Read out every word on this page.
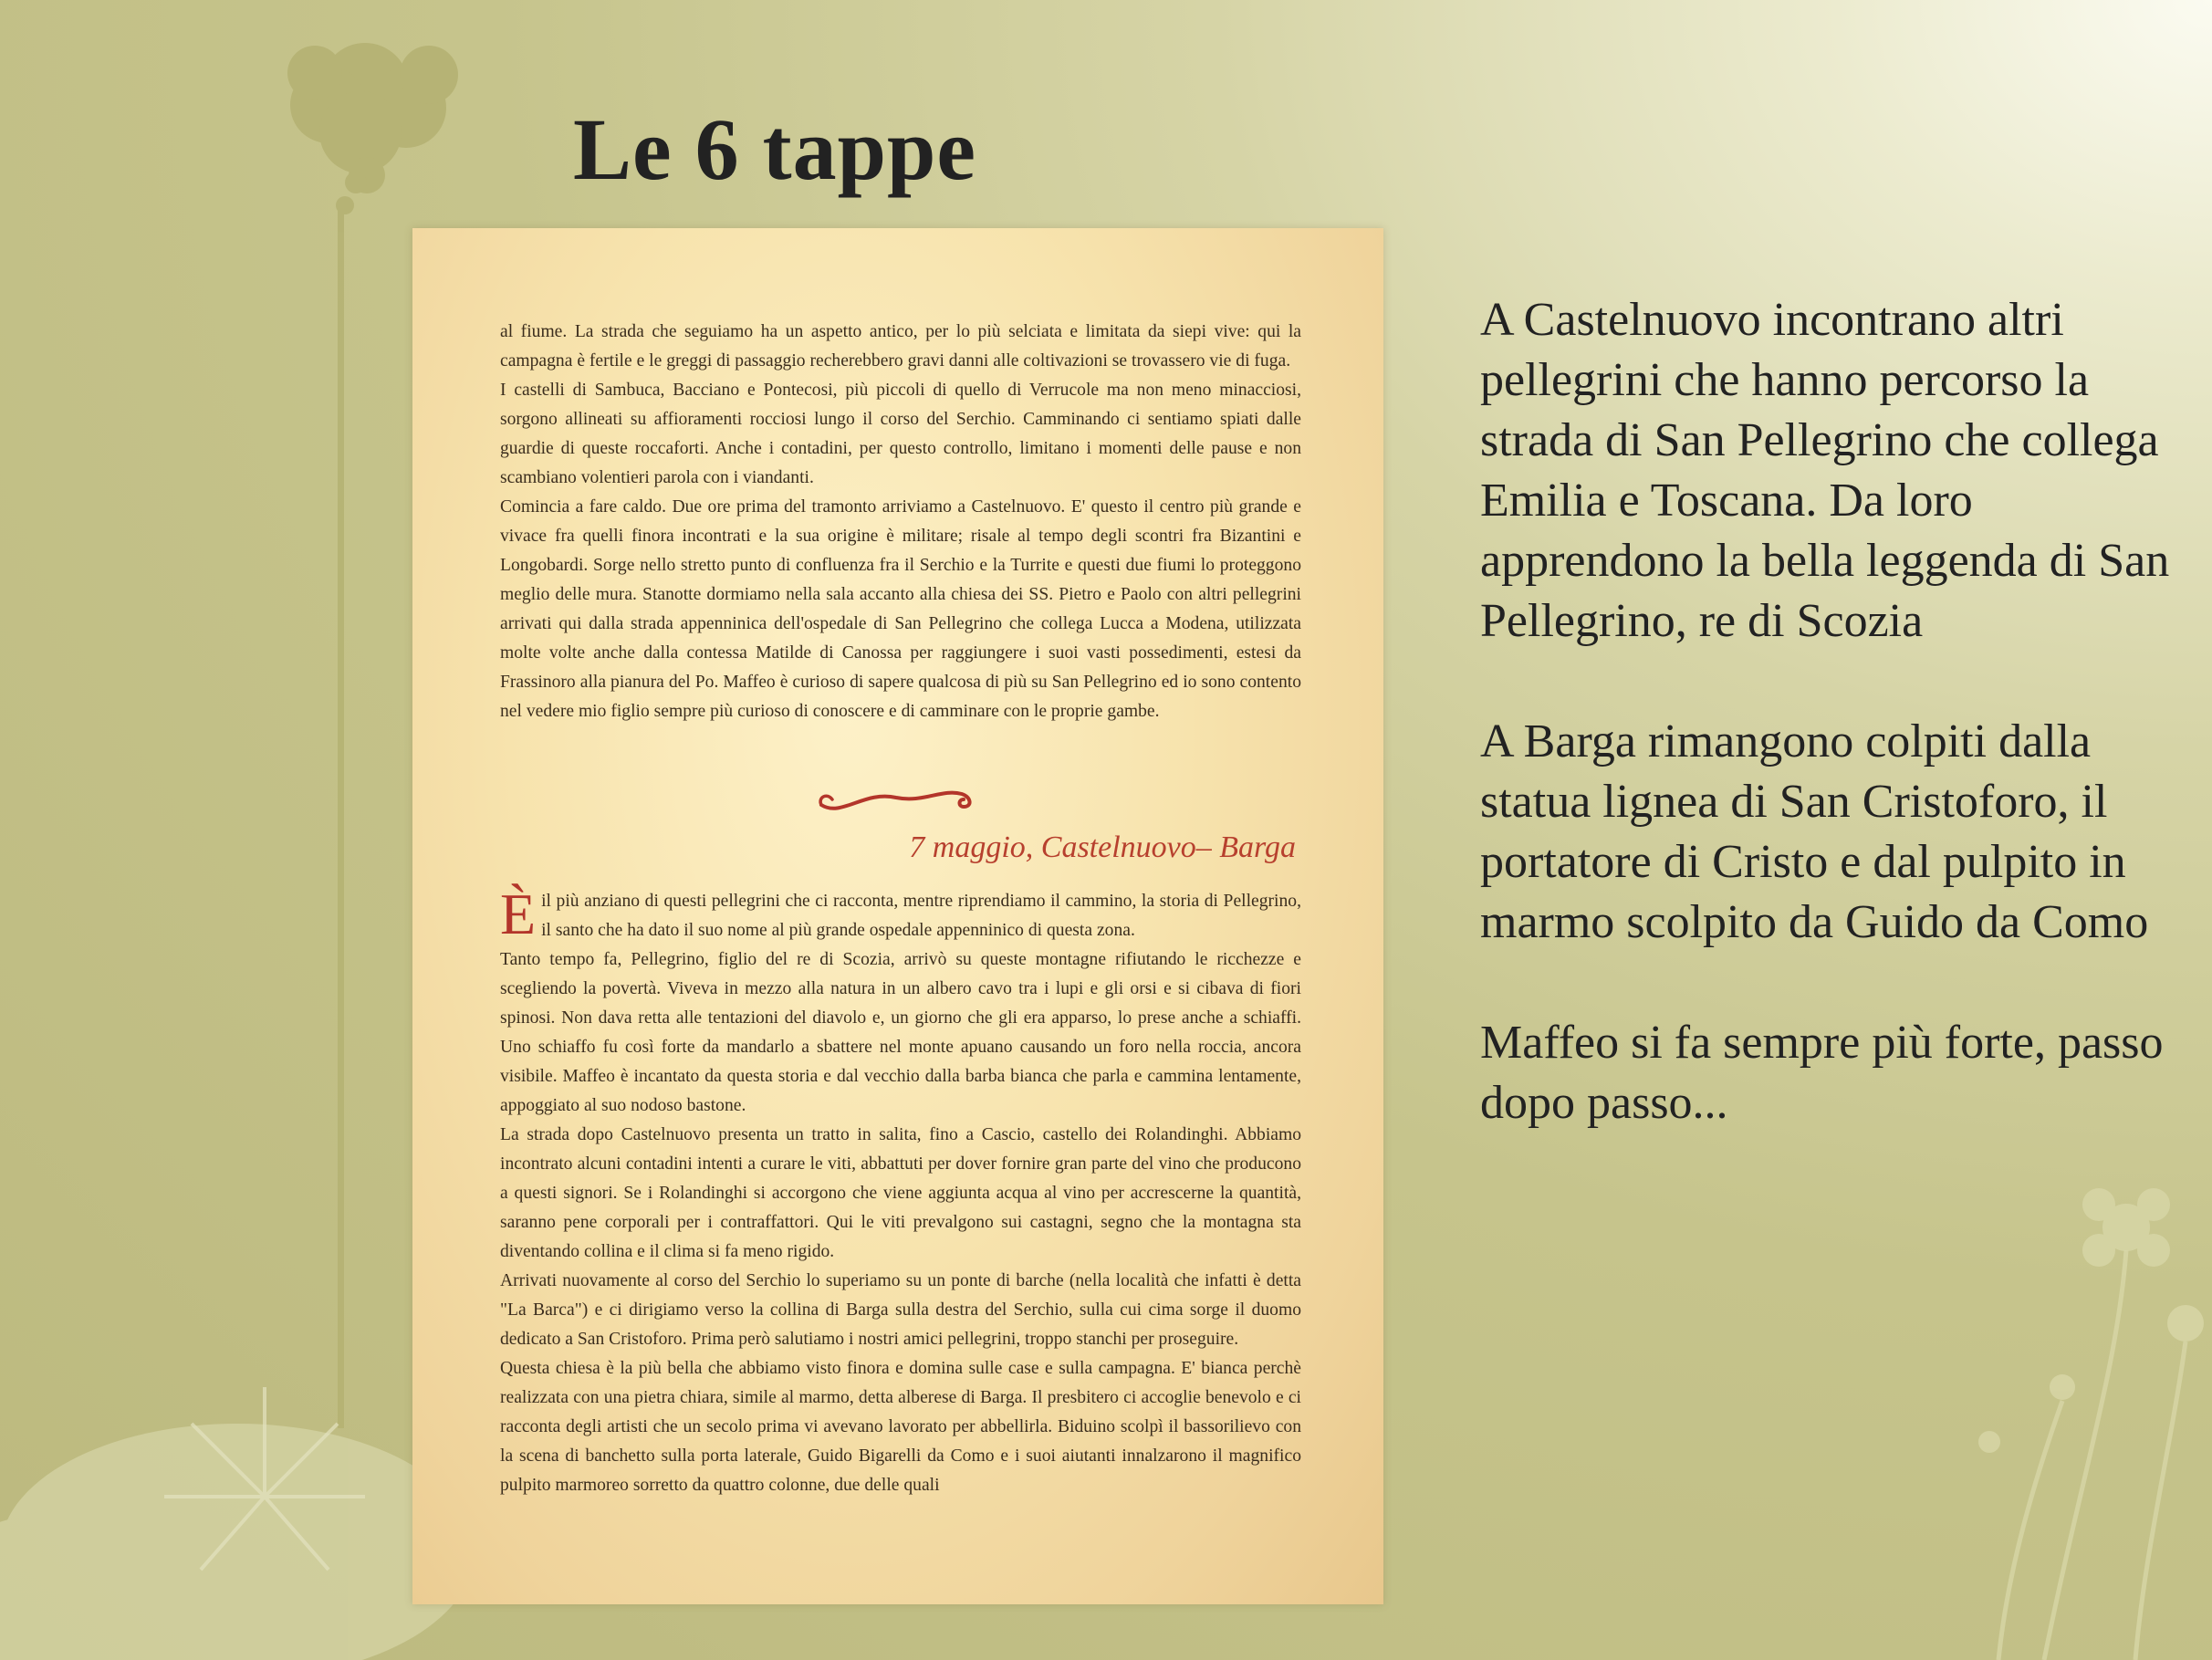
Le 6 tappe

al fiume. La strada che seguiamo ha un aspetto antico, per lo più selciata e limitata da siepi vive: qui la campagna è fertile e le greggi di passaggio recherebbero gravi danni alle coltivazioni se trovassero vie di fuga.

I castelli di Sambuca, Bacciano e Pontecosi, più piccoli di quello di Verrucole ma non meno minacciosi, sorgono allineati su affioramenti rocciosi lungo il corso del Serchio. Camminando ci sentiamo spiati dalle guardie di queste roccaforti. Anche i contadini, per questo controllo, limitano i momenti delle pause e non scambiano volentieri parola con i viandanti.

Comincia a fare caldo. Due ore prima del tramonto arriviamo a Castelnuovo. E' questo il centro più grande e vivace fra quelli finora incontrati e la sua origine è militare; risale al tempo degli scontri fra Bizantini e Longobardi. Sorge nello stretto punto di confluenza fra il Serchio e la Turrite e questi due fiumi lo proteggono meglio delle mura. Stanotte dormiamo nella sala accanto alla chiesa dei SS. Pietro e Paolo con altri pellegrini arrivati qui dalla strada appenninica dell'ospedale di San Pellegrino che collega Lucca a Modena, utilizzata molte volte anche dalla contessa Matilde di Canossa per raggiungere i suoi vasti possedimenti, estesi da Frassinoro alla pianura del Po. Maffeo è curioso di sapere qualcosa di più su San Pellegrino ed io sono contento nel vedere mio figlio sempre più curioso di conoscere e di camminare con le proprie gambe.

7 maggio, Castelnuovo– Barga

Èil più anziano di questi pellegrini che ci racconta, mentre riprendiamo il cammino, la storia di Pellegrino, il santo che ha dato il suo nome al più grande ospedale appenninico di questa zona.

Tanto tempo fa, Pellegrino, figlio del re di Scozia, arrivò su queste montagne rifiutando le ricchezze e scegliendo la povertà. Viveva in mezzo alla natura in un albero cavo tra i lupi e gli orsi e si cibava di fiori spinosi. Non dava retta alle tentazioni del diavolo e, un giorno che gli era apparso, lo prese anche a schiaffi. Uno schiaffo fu così forte da mandarlo a sbattere nel monte apuano causando un foro nella roccia, ancora visibile. Maffeo è incantato da questa storia e dal vecchio dalla barba bianca che parla e cammina lentamente, appoggiato al suo nodoso bastone.

La strada dopo Castelnuovo presenta un tratto in salita, fino a Cascio, castello dei Rolandinghi. Abbiamo incontrato alcuni contadini intenti a curare le viti, abbattuti per dover fornire gran parte del vino che producono a questi signori. Se i Rolandinghi si accorgono che viene aggiunta acqua al vino per accrescerne la quantità, saranno pene corporali per i contraffattori. Qui le viti prevalgono sui castagni, segno che la montagna sta diventando collina e il clima si fa meno rigido.

Arrivati nuovamente al corso del Serchio lo superiamo su un ponte di barche (nella località che infatti è detta "La Barca") e ci dirigiamo verso la collina di Barga sulla destra del Serchio, sulla cui cima sorge il duomo dedicato a San Cristoforo. Prima però salutiamo i nostri amici pellegrini, troppo stanchi per proseguire.

Questa chiesa è la più bella che abbiamo visto finora e domina sulle case e sulla campagna. E' bianca perchè realizzata con una pietra chiara, simile al marmo, detta alberese di Barga. Il presbitero ci accoglie benevolo e ci racconta degli artisti che un secolo prima vi avevano lavorato per abbellirla. Biduino scolpì il bassorilievo con la scena di banchetto sulla porta laterale, Guido Bigarelli da Como e i suoi aiutanti innalzarono il magnifico pulpito marmoreo sorretto da quattro colonne, due delle quali

A Castelnuovo incontrano altri pellegrini che hanno percorso la strada di San Pellegrino che collega Emilia e Toscana. Da loro apprendono la bella leggenda di San Pellegrino, re di Scozia

A Barga rimangono colpiti dalla statua lignea di San Cristoforo, il portatore di Cristo e dal pulpito in marmo scolpito da Guido da Como

Maffeo si fa sempre più forte, passo dopo passo...
